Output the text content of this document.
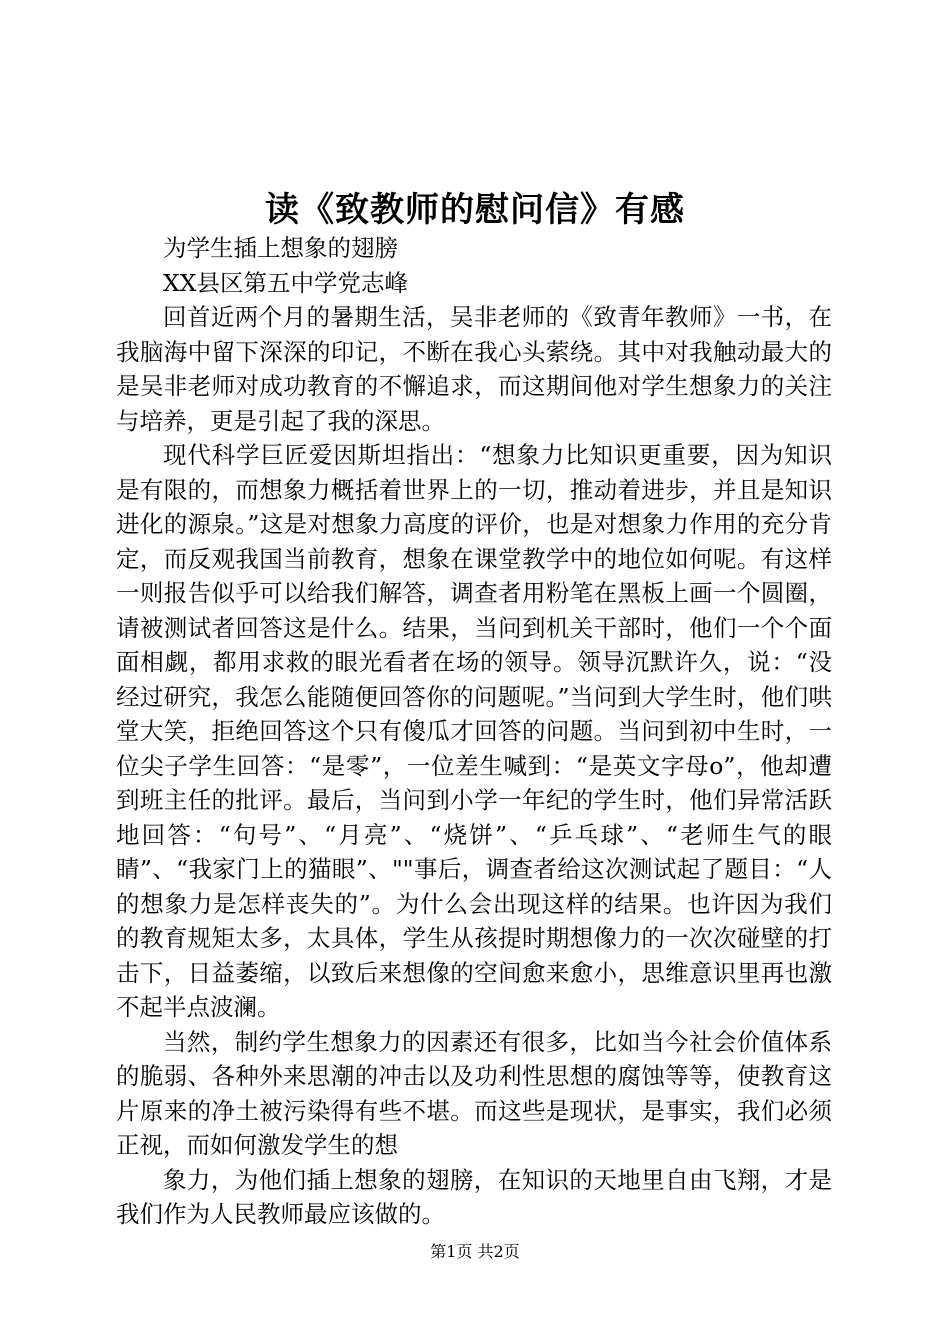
读《致教师的慰问信》有感

为学生插上想象的翅膀

XX县区第五中学党志峰

回首近两个月的暑期生活，吴非老师的《致青年教师》一书，在我脑海中留下深深的印记，不断在我心头萦绕。其中对我触动最大的是吴非老师对成功教育的不懈追求，而这期间他对学生想象力的关注与培养，更是引起了我的深思。

现代科学巨匠爱因斯坦指出：“想象力比知识更重要，因为知识是有限的，而想象力概括着世界上的一切，推动着进步，并且是知识进化的源泉。”这是对想象力高度的评价，也是对想象力作用的充分肯定，而反观我国当前教育，想象在课堂教学中的地位如何呢。有这样一则报告似乎可以给我们解答，调查者用粉笔在黑板上画一个圆圈，请被测试者回答这是什么。结果，当问到机关干部时，他们一个个面面相觑，都用求救的眼光看者在场的领导。领导沉默许久，说：“没经过研究，我怎么能随便回答你的问题呢。”当问到大学生时，他们哄堂大笑，拒绝回答这个只有傻瓜才回答的问题。当问到初中生时，一位尖子学生回答：“是零”，一位差生喊到：“是英文字母o”，他却遭到班主任的批评。最后，当问到小学一年纪的学生时，他们异常活跃地回答：“句号”、“月亮”、“烧饼”、“乒乓球”、“老师生气的眼睛”、“我家门上的猫眼”、""事后，调查者给这次测试起了题目：“人的想象力是怎样丧失的”。为什么会出现这样的结果。也许因为我们的教育规矩太多，太具体，学生从孩提时期想像力的一次次碰壁的打击下，日益萎缩，以致后来想像的空间愈来愈小，思维意识里再也激不起半点波澜。

当然，制约学生想象力的因素还有很多，比如当今社会价值体系的脆弱、各种外来思潮的冲击以及功利性思想的腐蚀等等，使教育这片原来的净土被污染得有些不堪。而这些是现状，是事实，我们必须正视，而如何激发学生的想

象力，为他们插上想象的翅膀，在知识的天地里自由飞翔，才是我们作为人民教师最应该做的。

第1页 共2页
